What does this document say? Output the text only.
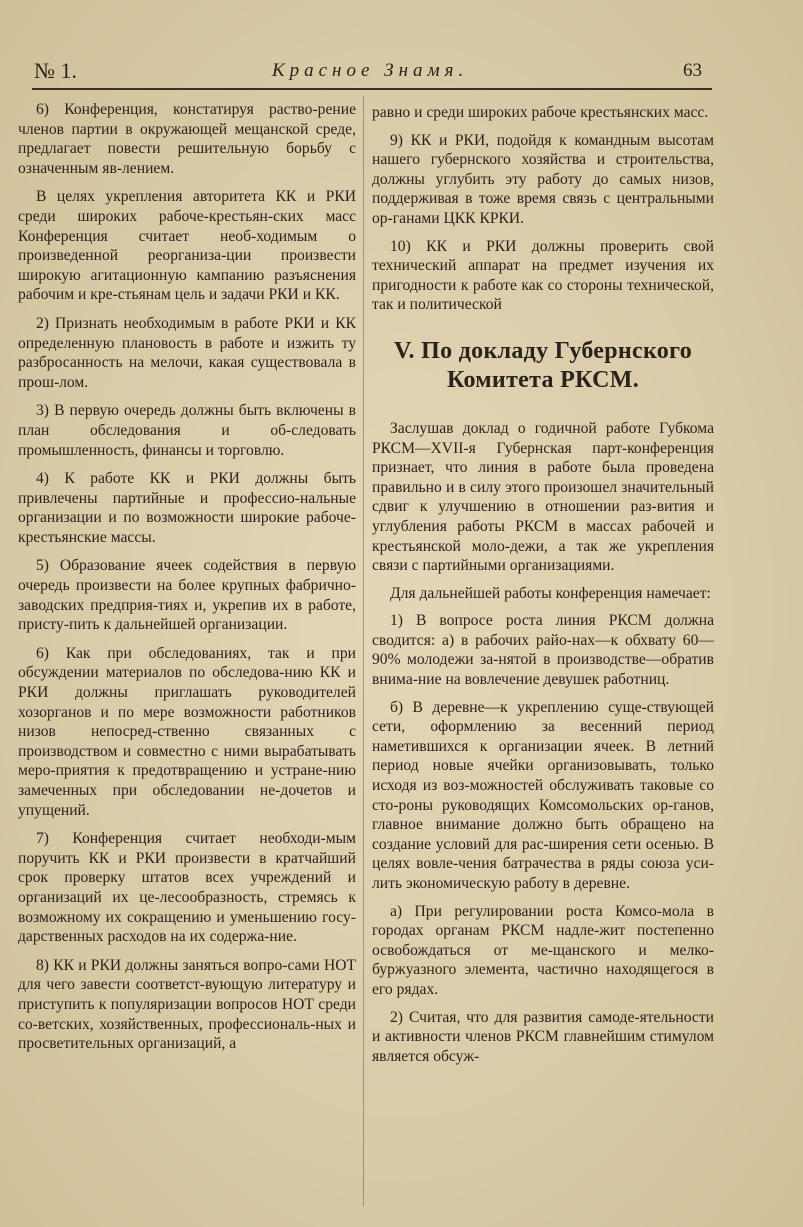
№ 1.	Красное Знамя.	63

6) Конференция, констатируя раство-рение членов партии в окружающей мещанской среде, предлагает повести решительную борьбу с означенным яв-лением.

В целях укрепления авторитета КК и РКИ среди широких рабоче-крестьян-ских масс Конференция считает необ-ходимым о произведенной реорганиза-ции произвести широкую агитационную кампанию разъяснения рабочим и кре-стьянам цель и задачи РКИ и КК.

2) Признать необходимым в работе РКИ и КК определенную плановость в работе и изжить ту разбросанность на мелочи, какая существовала в прош-лом.

3) В первую очередь должны быть включены в план обследования и об-следовать промышленность, финансы и торговлю.

4) К работе КК и РКИ должны быть привлечены партийные и профессио-нальные организации и по возможности широкие рабоче-крестьянские массы.

5) Образование ячеек содействия в первую очередь произвести на более крупных фабрично-заводских предприя-тиях и, укрепив их в работе, присту-пить к дальнейшей организации.

6) Как при обследованиях, так и при обсуждении материалов по обследова-нию КК и РКИ должны приглашать руководителей хозорганов и по мере возможности работников низов непосред-ственно связанных с производством и совместно с ними вырабатывать меро-приятия к предотвращению и устране-нию замеченных при обследовании не-дочетов и упущений.

7) Конференция считает необходи-мым поручить КК и РКИ произвести в кратчайший срок проверку штатов всех учреждений и организаций их це-лесообразность, стремясь к возможному их сокращению и уменьшению госу-дарственных расходов на их содержа-ние.

8) КК и РКИ должны заняться вопро-сами НОТ для чего завести соответст-вующую литературу и приступить к популяризации вопросов НОТ среди со-ветских, хозяйственных, профессиональ-ных и просветительных организаций, а

равно и среди широких рабоче крестьянских масс.

9) КК и РКИ, подойдя к командным высотам нашего губернского хозяйства и строительства, должны углубить эту работу до самых низов, поддерживая в тоже время связь с центральными ор-ганами ЦКК КРКИ.

10) КК и РКИ должны проверить свой технический аппарат на предмет изучения их пригодности к работе как со стороны технической, так и политической

V. По докладу Губернского
Комитета РКСМ.

Заслушав доклад о годичной работе Губкома РКСМ—XVII-я Губернская парт-конференция признает, что линия в работе была проведена правильно и в силу этого произошел значительный сдвиг к улучшению в отношении раз-вития и углубления работы РКСМ в массах рабочей и крестьянской моло-дежи, а так же укрепления связи с партийными организациями.

Для дальнейшей работы конференция намечает:

1) В вопросе роста линия РКСМ должна сводится: а) в рабочих райо-нах—к обхвату 60—90% молодежи за-нятой в производстве—обратив внима-ние на вовлечение девушек работниц.

б) В деревне—к укреплению суще-ствующей сети, оформлению за весенний период наметившихся к организации ячеек. В летний период новые ячейки организовывать, только исходя из воз-можностей обслуживать таковые со сто-роны руководящих Комсомольских ор-ганов, главное внимание должно быть обращено на создание условий для рас-ширения сети осенью. В целях вовле-чения батрачества в ряды союза уси-лить экономическую работу в деревне.

а) При регулировании роста Комсо-мола в городах органам РКСМ надле-жит постепенно освобождаться от ме-щанского и мелко-буржуазного элемента, частично находящегося в его рядах.

2) Считая, что для развития самоде-ятельности и активности членов РКСМ главнейшим стимулом является обсуж-
